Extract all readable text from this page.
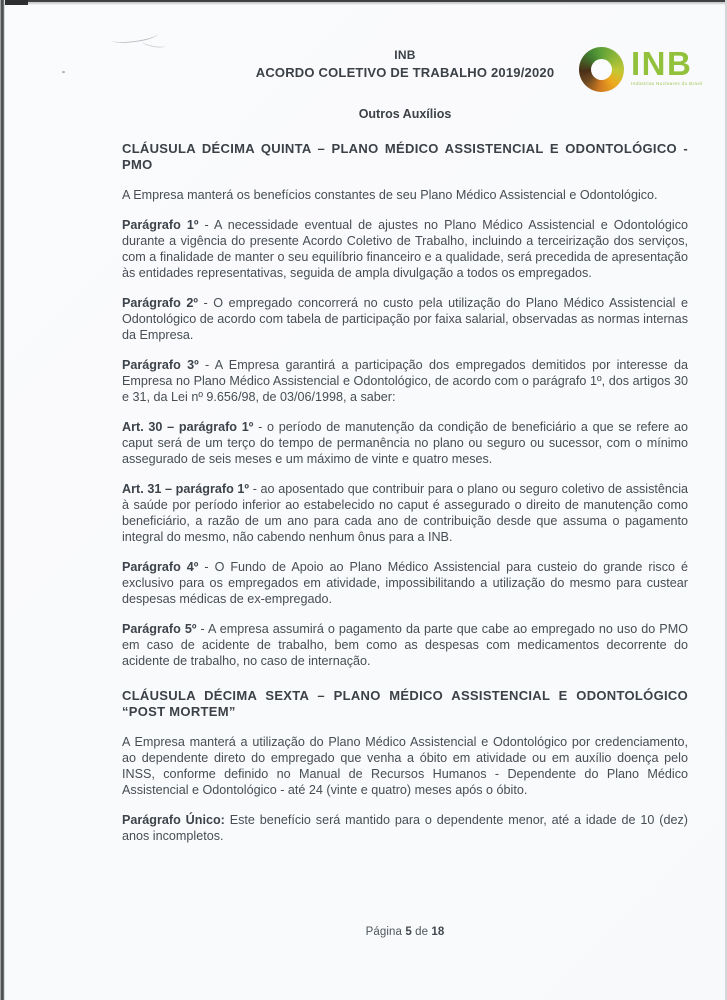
INB
Indústrias Nucleares do Brasil
INB
ACORDO COLETIVO DE TRABALHO 2019/2020
Outros Auxílios
CLÁUSULA DÉCIMA QUINTA – PLANO MÉDICO ASSISTENCIAL E ODONTOLÓGICO - PMO

A Empresa manterá os benefícios constantes de seu Plano Médico Assistencial e Odontológico.

Parágrafo 1º - A necessidade eventual de ajustes no Plano Médico Assistencial e Odontológico durante a vigência do presente Acordo Coletivo de Trabalho, incluindo a terceirização dos serviços, com a finalidade de manter o seu equilíbrio financeiro e a qualidade, será precedida de apresentação às entidades representativas, seguida de ampla divulgação a todos os empregados.

Parágrafo 2º - O empregado concorrerá no custo pela utilização do Plano Médico Assistencial e Odontológico de acordo com tabela de participação por faixa salarial, observadas as normas internas da Empresa.

Parágrafo 3º - A Empresa garantirá a participação dos empregados demitidos por interesse da Empresa no Plano Médico Assistencial e Odontológico, de acordo com o parágrafo 1º, dos artigos 30 e 31, da Lei nº 9.656/98, de 03/06/1998, a saber:

Art. 30 – parágrafo 1º - o período de manutenção da condição de beneficiário a que se refere ao caput será de um terço do tempo de permanência no plano ou seguro ou sucessor, com o mínimo assegurado de seis meses e um máximo de vinte e quatro meses.

Art. 31 – parágrafo 1º - ao aposentado que contribuir para o plano ou seguro coletivo de assistência à saúde por período inferior ao estabelecido no caput é assegurado o direito de manutenção como beneficiário, a razão de um ano para cada ano de contribuição desde que assuma o pagamento integral do mesmo, não cabendo nenhum ônus para a INB.

Parágrafo 4º - O Fundo de Apoio ao Plano Médico Assistencial para custeio do grande risco é exclusivo para os empregados em atividade, impossibilitando a utilização do mesmo para custear despesas médicas de ex-empregado.

Parágrafo 5º - A empresa assumirá o pagamento da parte que cabe ao empregado no uso do PMO em caso de acidente de trabalho, bem como as despesas com medicamentos decorrente do acidente de trabalho, no caso de internação.

CLÁUSULA DÉCIMA SEXTA – PLANO MÉDICO ASSISTENCIAL E ODONTOLÓGICO “POST MORTEM”

A Empresa manterá a utilização do Plano Médico Assistencial e Odontológico por credenciamento, ao dependente direto do empregado que venha a óbito em atividade ou em auxílio doença pelo INSS, conforme definido no Manual de Recursos Humanos - Dependente do Plano Médico Assistencial e Odontológico - até 24 (vinte e quatro) meses após o óbito.

Parágrafo Único: Este benefício será mantido para o dependente menor, até a idade de 10 (dez) anos incompletos.

Página 5 de 18
